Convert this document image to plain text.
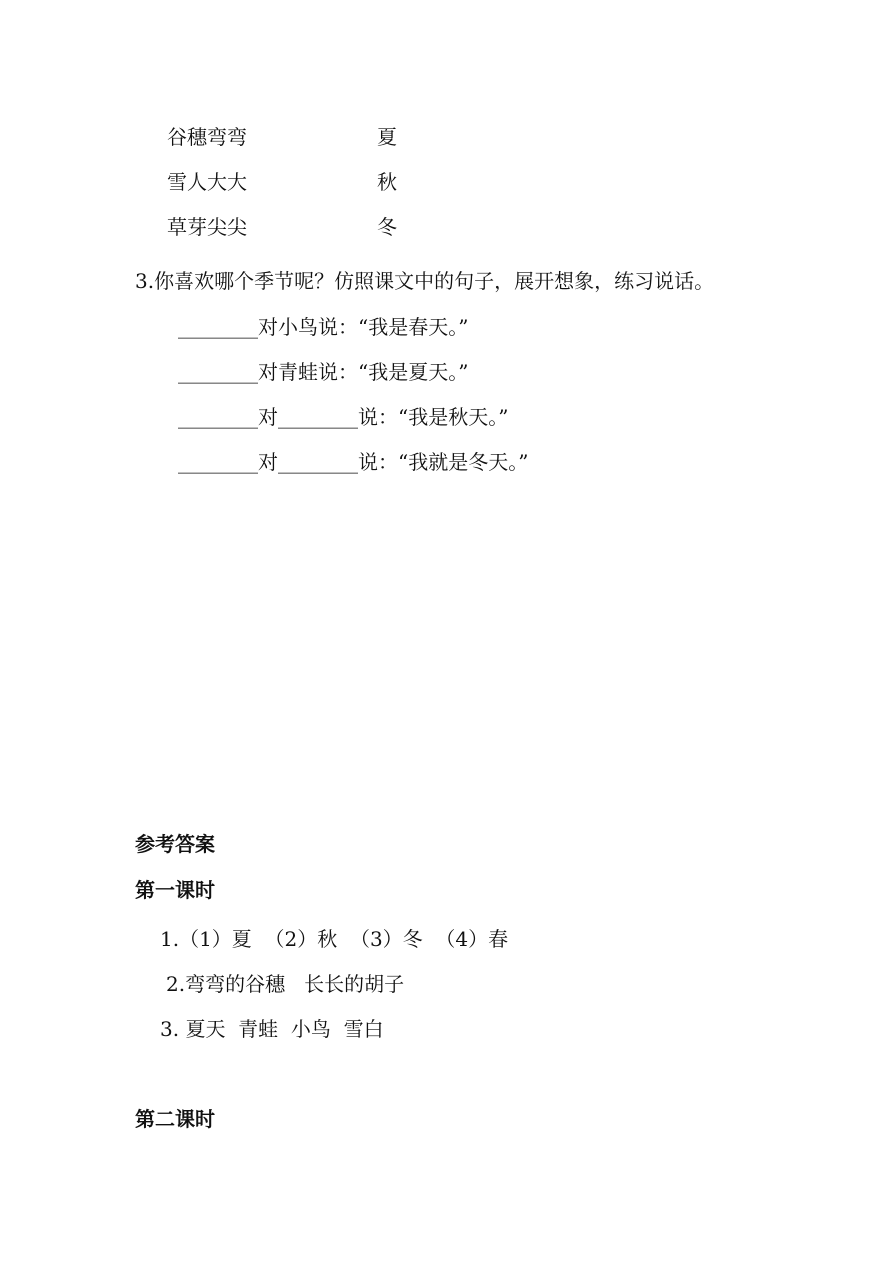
谷穗弯弯	夏
雪人大大	秋
草芽尖尖	冬
3.你喜欢哪个季节呢？仿照课文中的句子，展开想象，练习说话。
________对小鸟说：“我是春天。”
________对青蛙说：“我是夏天。”
________对________说：“我是秋天。”
________对________说：“我就是冬天。”
参考答案
第一课时
1.（1）夏  （2）秋  （3）冬  （4）春
2.弯弯的谷穗   长长的胡子
3. 夏天  青蛙  小鸟  雪白
第二课时
